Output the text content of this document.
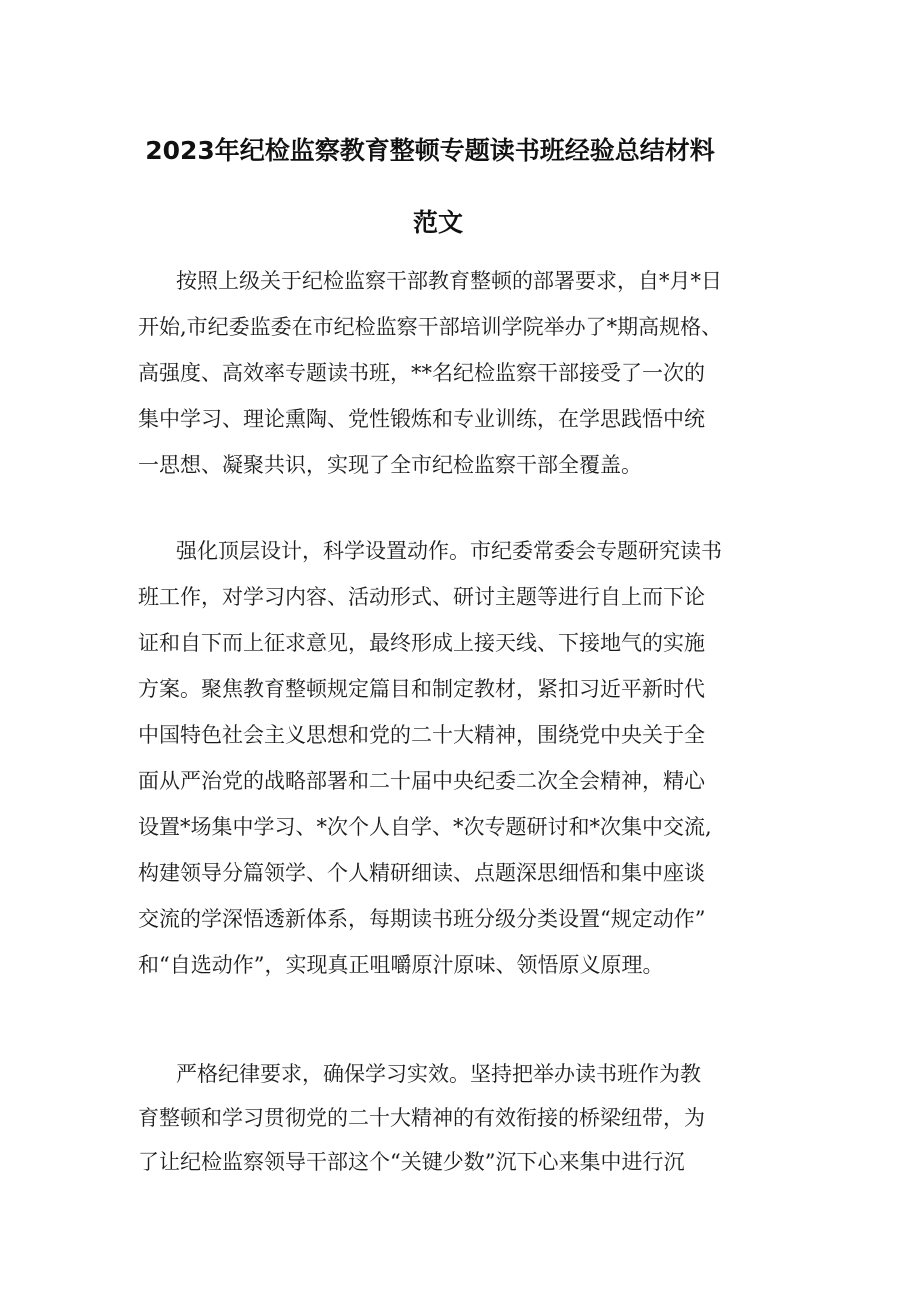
2023年纪检监察教育整顿专题读书班经验总结材料
范文
按照上级关于纪检监察干部教育整顿的部署要求，自*月*日
开始,市纪委监委在市纪检监察干部培训学院举办了*期高规格、
高强度、高效率专题读书班，**名纪检监察干部接受了一次的
集中学习、理论熏陶、党性锻炼和专业训练，在学思践悟中统
一思想、凝聚共识，实现了全市纪检监察干部全覆盖。
强化顶层设计，科学设置动作。市纪委常委会专题研究读书
班工作，对学习内容、活动形式、研讨主题等进行自上而下论
证和自下而上征求意见，最终形成上接天线、下接地气的实施
方案。聚焦教育整顿规定篇目和制定教材，紧扣习近平新时代
中国特色社会主义思想和党的二十大精神，围绕党中央关于全
面从严治党的战略部署和二十届中央纪委二次全会精神，精心
设置*场集中学习、*次个人自学、*次专题研讨和*次集中交流,
构建领导分篇领学、个人精研细读、点题深思细悟和集中座谈
交流的学深悟透新体系，每期读书班分级分类设置“规定动作”
和“自选动作”，实现真正咀嚼原汁原味、领悟原义原理。
严格纪律要求，确保学习实效。坚持把举办读书班作为教
育整顿和学习贯彻党的二十大精神的有效衔接的桥梁纽带，为
了让纪检监察领导干部这个“关键少数”沉下心来集中进行沉
